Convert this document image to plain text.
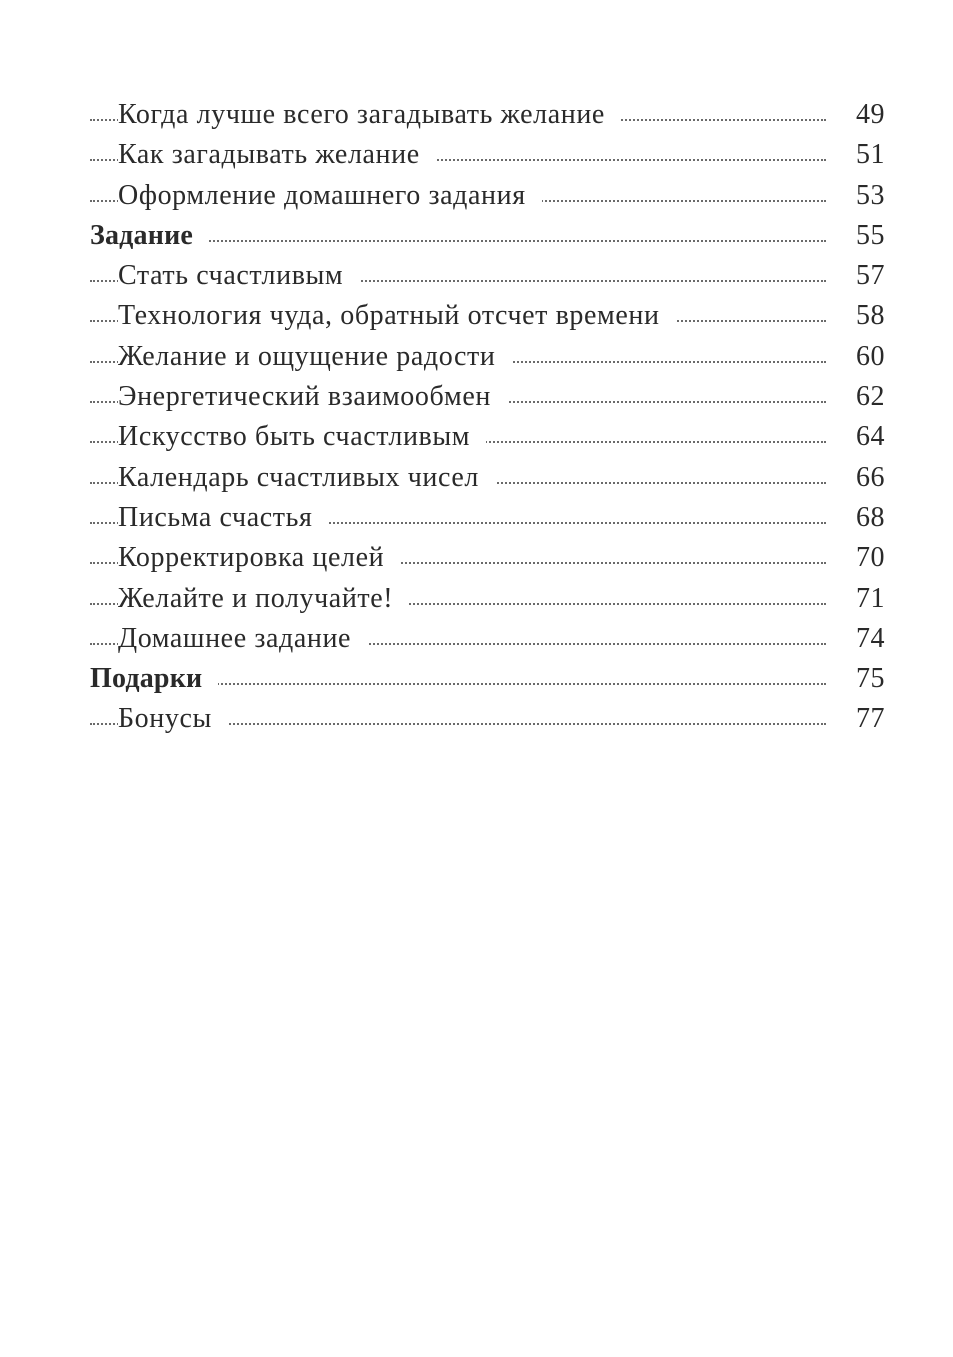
Когда лучше всего загадывать желание	49
Как загадывать желание	51
Оформление домашнего задания	53
Задание	55
Стать счастливым	57
Технология чуда, обратный отсчет времени	58
Желание и ощущение радости	60
Энергетический взаимообмен	62
Искусство быть счастливым	64
Календарь счастливых чисел	66
Письма счастья	68
Корректировка целей	70
Желайте и получайте!	71
Домашнее задание	74
Подарки	75
Бонусы	77
